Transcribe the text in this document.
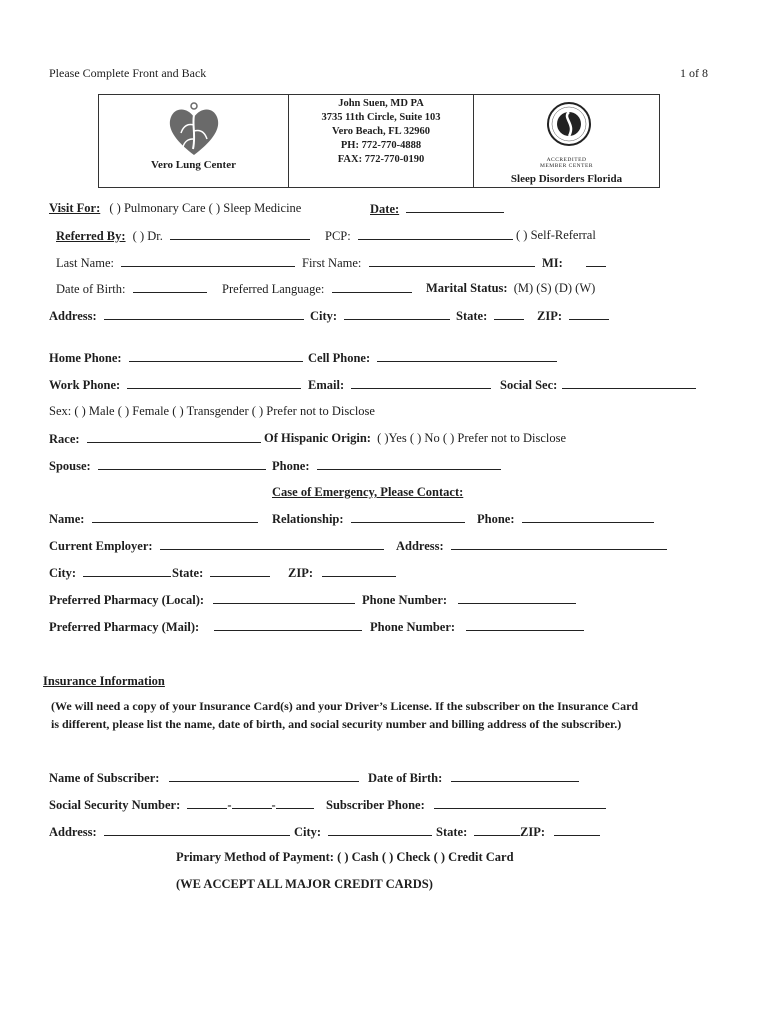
Please Complete Front and Back	1 of 8
Vero Lung Center
John Suen, MD PA
3735 11th Circle, Suite 103
Vero Beach, FL 32960
PH: 772-770-4888
FAX: 772-770-0190	ACCREDITED
MEMBER CENTER
Sleep Disorders Florida
Visit For: ( ) Pulmonary Care ( ) Sleep Medicine	Date:
Referred By: ( ) Dr.	PCP:	( ) Self-Referral
Last Name:	First Name:	MI:
Date of Birth:	Preferred Language:	Marital Status: (M) (S) (D) (W)
Address:	City:	State:	ZIP:
Home Phone:	Cell Phone:
Work Phone:	Email:	Social Sec:
Sex: ( ) Male ( ) Female ( ) Transgender ( ) Prefer not to Disclose
Race:	Of Hispanic Origin: ( )Yes ( ) No ( ) Prefer not to Disclose
Spouse:	Phone:
Case of Emergency, Please Contact:
Name:	Relationship:	Phone:
Current Employer:	Address:
City:	State:	ZIP:
Preferred Pharmacy (Local):	Phone Number:
Preferred Pharmacy (Mail):	Phone Number:
Insurance Information
(We will need a copy of your Insurance Card(s) and your Driver’s License. If the subscriber on the Insurance Card
is different, please list the name, date of birth, and social security number and billing address of the subscriber.)
Name of Subscriber:	Date of Birth:
Social Security Number:	-	-	Subscriber Phone:
Address:	City:	State:	ZIP:
Primary Method of Payment: ( ) Cash ( ) Check ( ) Credit Card
(WE ACCEPT ALL MAJOR CREDIT CARDS)
